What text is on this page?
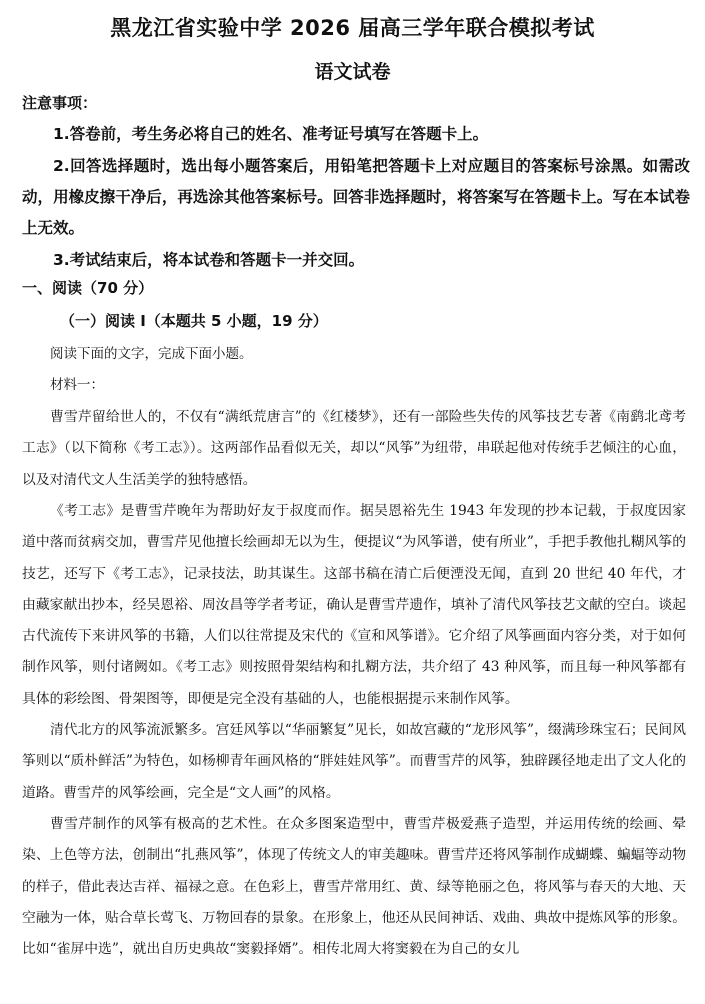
黑龙江省实验中学 2026 届高三学年联合模拟考试
语文试卷
注意事项：
1.答卷前，考生务必将自己的姓名、准考证号填写在答题卡上。
2.回答选择题时，选出每小题答案后，用铅笔把答题卡上对应题目的答案标号涂黑。如需改动，用橡皮擦干净后，再选涂其他答案标号。回答非选择题时，将答案写在答题卡上。写在本试卷上无效。
3.考试结束后，将本试卷和答题卡一并交回。
一、阅读（70 分）
（一）阅读 I（本题共 5 小题，19 分）
阅读下面的文字，完成下面小题。
材料一：
曹雪芹留给世人的，不仅有“满纸荒唐言”的《红楼梦》，还有一部险些失传的风筝技艺专著《南鹞北鸢考工志》（以下简称《考工志》）。这两部作品看似无关，却以“风筝”为纽带，串联起他对传统手艺倾注的心血，以及对清代文人生活美学的独特感悟。
《考工志》是曹雪芹晚年为帮助好友于叔度而作。据吴恩裕先生 1943 年发现的抄本记载，于叔度因家道中落而贫病交加，曹雪芹见他擅长绘画却无以为生，便提议“为风筝谱，使有所业”，手把手教他扎糊风筝的技艺，还写下《考工志》，记录技法，助其谋生。这部书稿在清亡后便湮没无闻，直到 20 世纪 40 年代，才由藏家献出抄本，经吴恩裕、周汝昌等学者考证，确认是曹雪芹遗作，填补了清代风筝技艺文献的空白。谈起古代流传下来讲风筝的书籍，人们以往常提及宋代的《宣和风筝谱》。它介绍了风筝画面内容分类，对于如何制作风筝，则付诸阙如。《考工志》则按照骨架结构和扎糊方法，共介绍了 43 种风筝，而且每一种风筝都有具体的彩绘图、骨架图等，即便是完全没有基础的人，也能根据提示来制作风筝。
清代北方的风筝流派繁多。宫廷风筝以“华丽繁复”见长，如故宫藏的“龙形风筝”，缀满珍珠宝石；民间风筝则以“质朴鲜活”为特色，如杨柳青年画风格的“胖娃娃风筝”。而曹雪芹的风筝，独辟蹊径地走出了文人化的道路。曹雪芹的风筝绘画，完全是“文人画”的风格。
曹雪芹制作的风筝有极高的艺术性。在众多图案造型中，曹雪芹极爱燕子造型，并运用传统的绘画、晕染、上色等方法，创制出“扎燕风筝”，体现了传统文人的审美趣味。曹雪芹还将风筝制作成蝴蝶、蝙蝠等动物的样子，借此表达吉祥、福禄之意。在色彩上，曹雪芹常用红、黄、绿等艳丽之色，将风筝与春天的大地、天空融为一体，贴合草长莺飞、万物回春的景象。在形象上，他还从民间神话、戏曲、典故中提炼风筝的形象。比如“雀屏中选”，就出自历史典故“窦毅择婿”。相传北周大将窦毅在为自己的女儿
